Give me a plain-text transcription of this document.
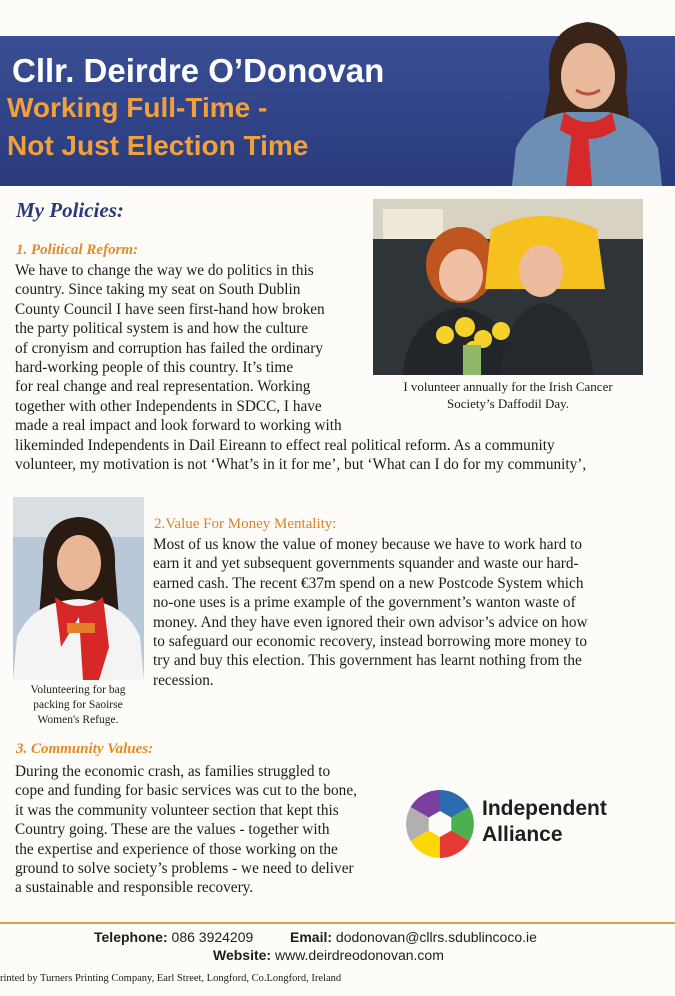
Cllr. Deirdre O’Donovan
Working Full-Time -
Not Just Election Time
My Policies:
1. Political Reform:
We have to change the way we do politics in this
country. Since taking my seat on South Dublin
County Council I have seen first-hand how broken
the party political system is and how the culture
of cronyism and corruption has failed the ordinary
hard-working people of this country. It’s time
for real change and real representation. Working
together with other Independents in SDCC, I have
made a real impact and look forward to working with
likeminded Independents in Dail Eireann to effect real political reform. As a community
volunteer, my motivation is not ‘What’s in it for me’, but ‘What can I do for my community’,
I volunteer annually for the Irish Cancer
Society’s Daffodil Day.
Volunteering for bag
packing for Saoirse
Women's Refuge.
2.Value For Money Mentality:
Most of us know the value of money because we have to work hard to
earn it and yet subsequent governments squander and waste our hard-
earned cash. The recent €37m spend on a new Postcode System which
no-one uses is a prime example of the government’s wanton waste of
money. And they have even ignored their own advisor’s advice on how
to safeguard our economic recovery, instead borrowing more money to
try and buy this election. This government has learnt nothing from the
recession.
3. Community Values:
During the economic crash, as families struggled to
cope and funding for basic services was cut to the bone,
it was the community volunteer section that kept this
Country going. These are the values - together with
the expertise and experience of those working on the
ground to solve society’s problems - we need to deliver
a sustainable and responsible recovery.
Independent
Alliance
Telephone: 086 3924209	Email: dodonovan@cllrs.sdublincoco.ie
Website: www.deirdreodonovan.com
rinted by Turners Printing Company, Earl Street, Longford, Co.Longford, Ireland
